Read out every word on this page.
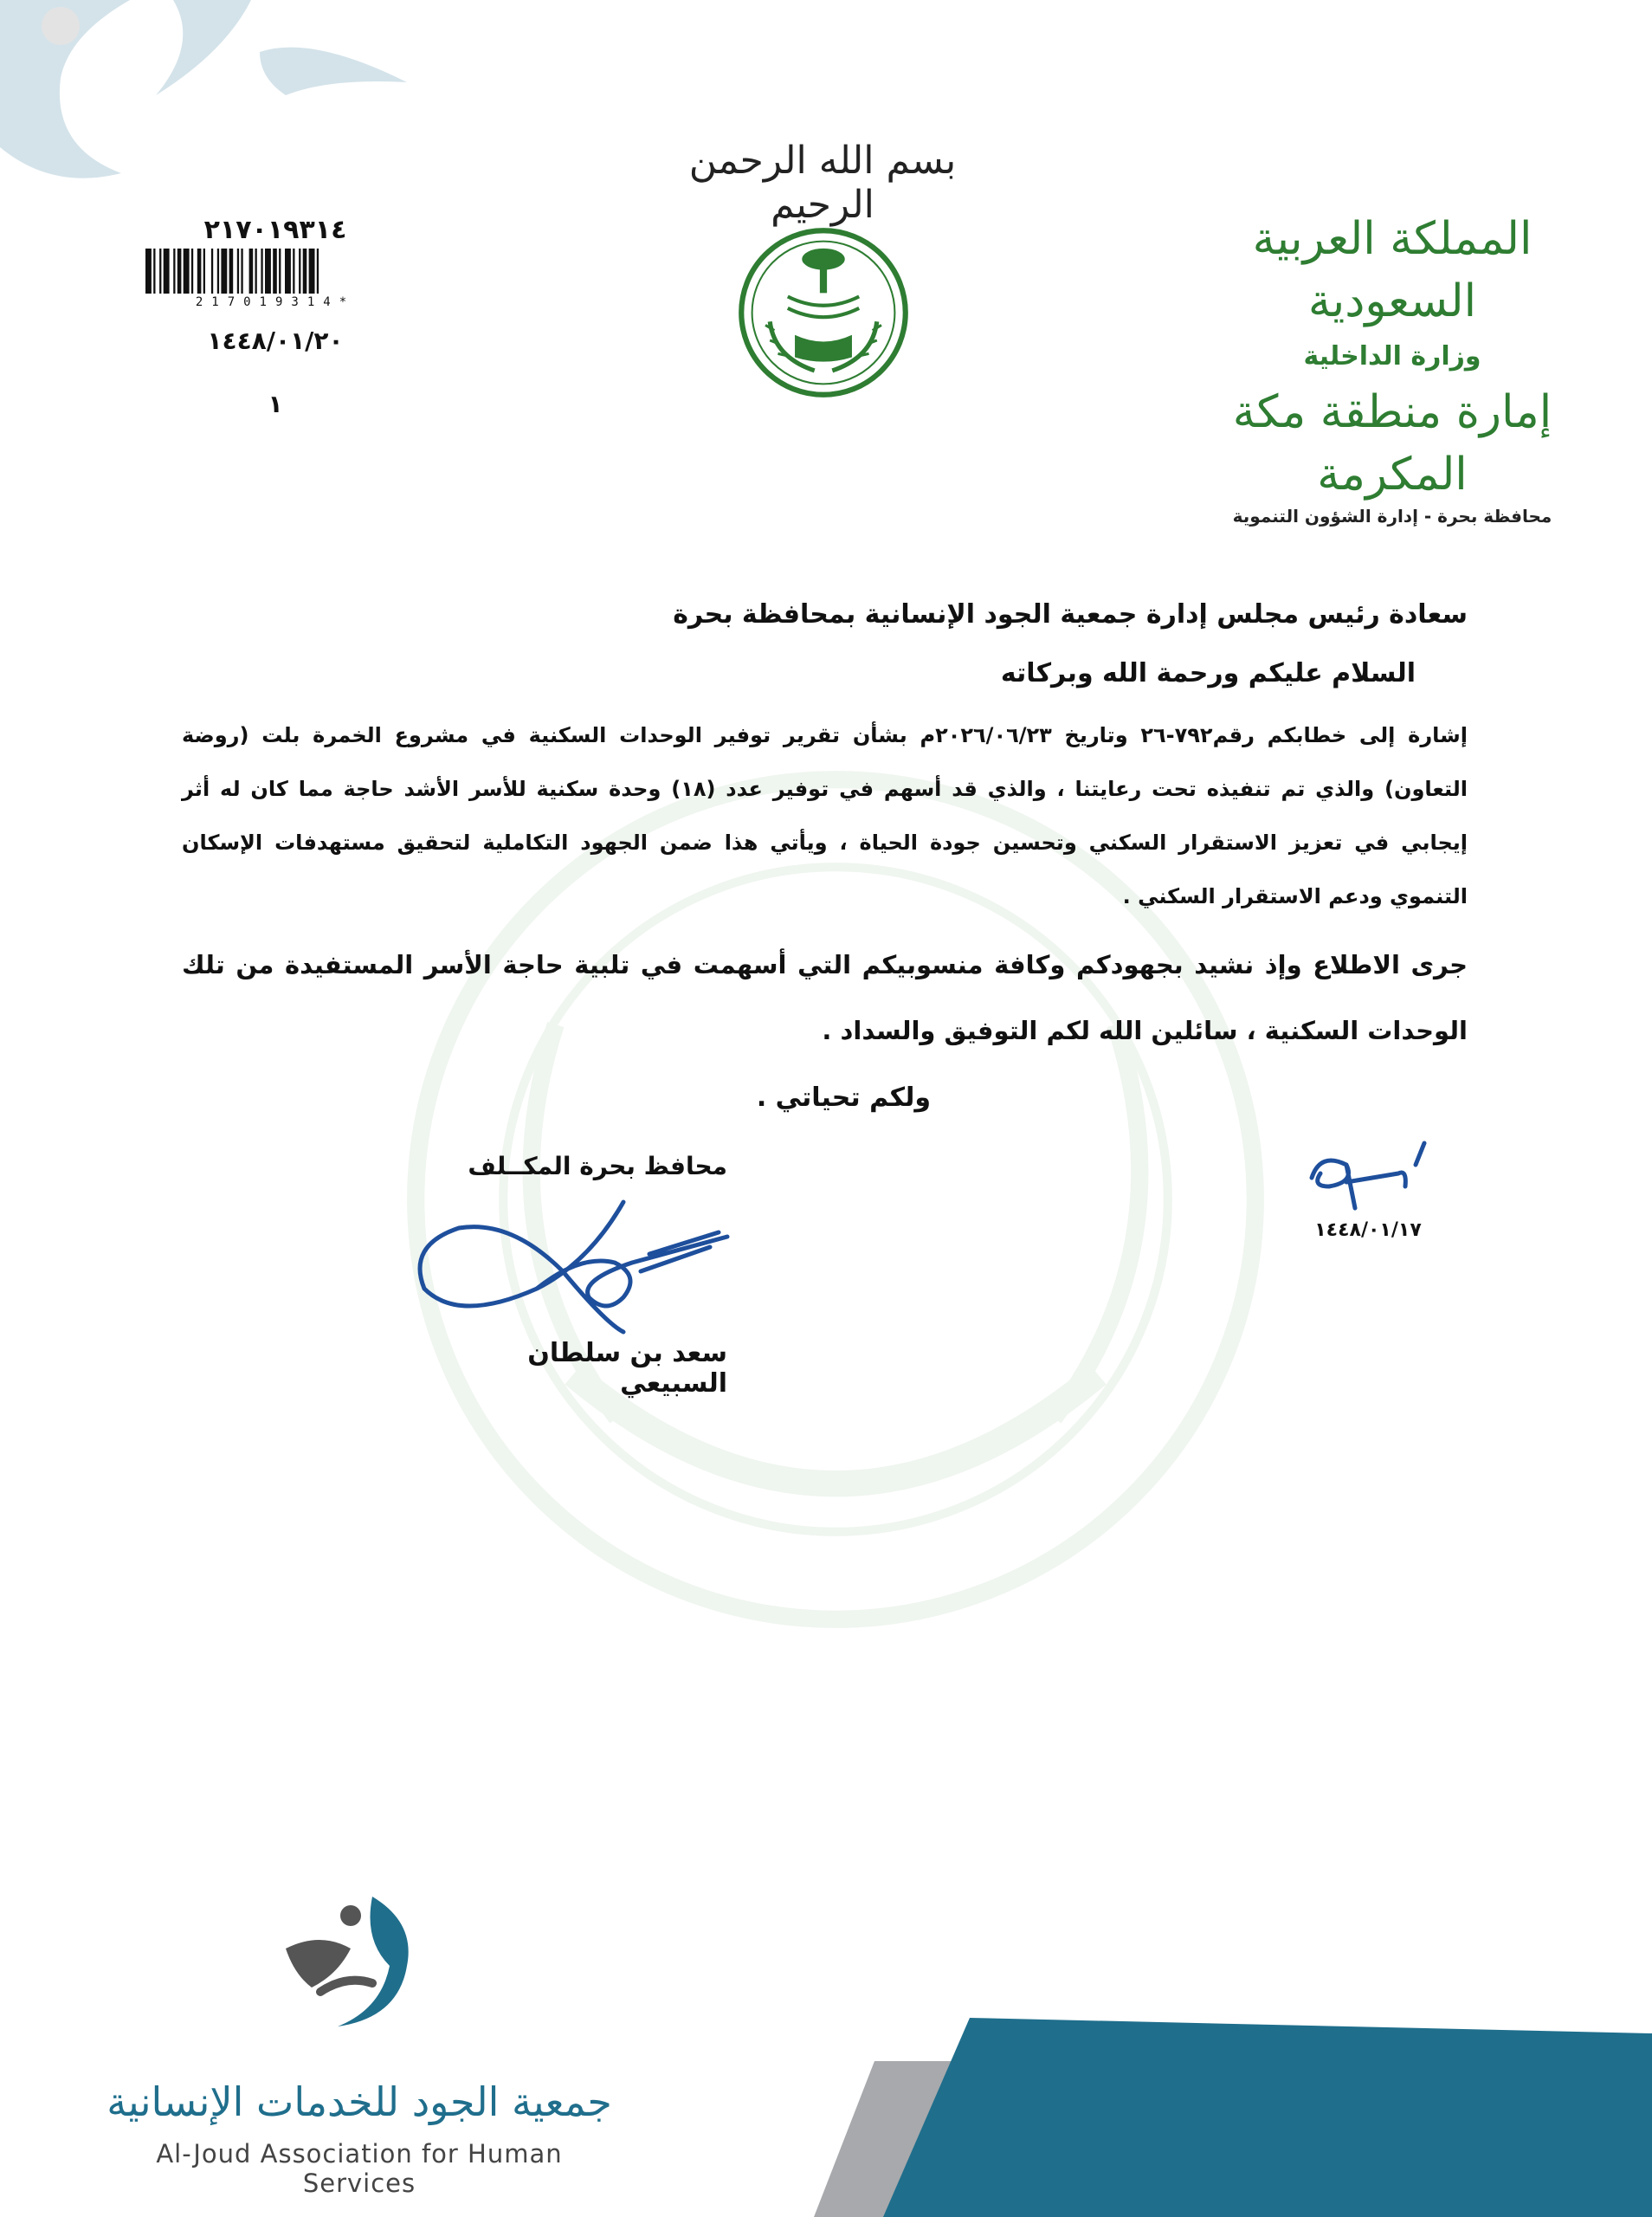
بسم الله الرحمن الرحيم
المملكة العربية السعودية
وزارة الداخلية
إمارة منطقة مكة المكرمة
محافظة بحرة - إدارة الشؤون التنموية
٢١٧٠١٩٣١٤
217019314*
١٤٤٨/٠١/٢٠
١

سعادة رئيس مجلس إدارة جمعية الجود الإنسانية بمحافظة بحرة

السلام عليكم ورحمة الله وبركاته

إشارة إلى خطابكم رقم٧٩٢-٢٦ وتاريخ ٢٠٢٦/٠٦/٢٣م بشأن تقرير توفير الوحدات السكنية في مشروع الخمرة بلت (روضة التعاون) والذي تم تنفيذه تحت رعايتنا ، والذي قد أسهم في توفير عدد (١٨) وحدة سكنية للأسر الأشد حاجة مما كان له أثر إيجابي في تعزيز الاستقرار السكني وتحسين جودة الحياة ، ويأتي هذا ضمن الجهود التكاملية لتحقيق مستهدفات الإسكان التنموي ودعم الاستقرار السكني .

جرى الاطلاع وإذ نشيد بجهودكم وكافة منسوبيكم التي أسهمت في تلبية حاجة الأسر المستفيدة من تلك الوحدات السكنية ، سائلين الله لكم التوفيق والسداد .

ولكم تحياتي .

محافظ بحرة المكــلف
سعد بن سلطان السبيعي
١٤٤٨/٠١/١٧
جمعية الجود للخدمات الإنسانية
Al-Joud Association for Human Services
